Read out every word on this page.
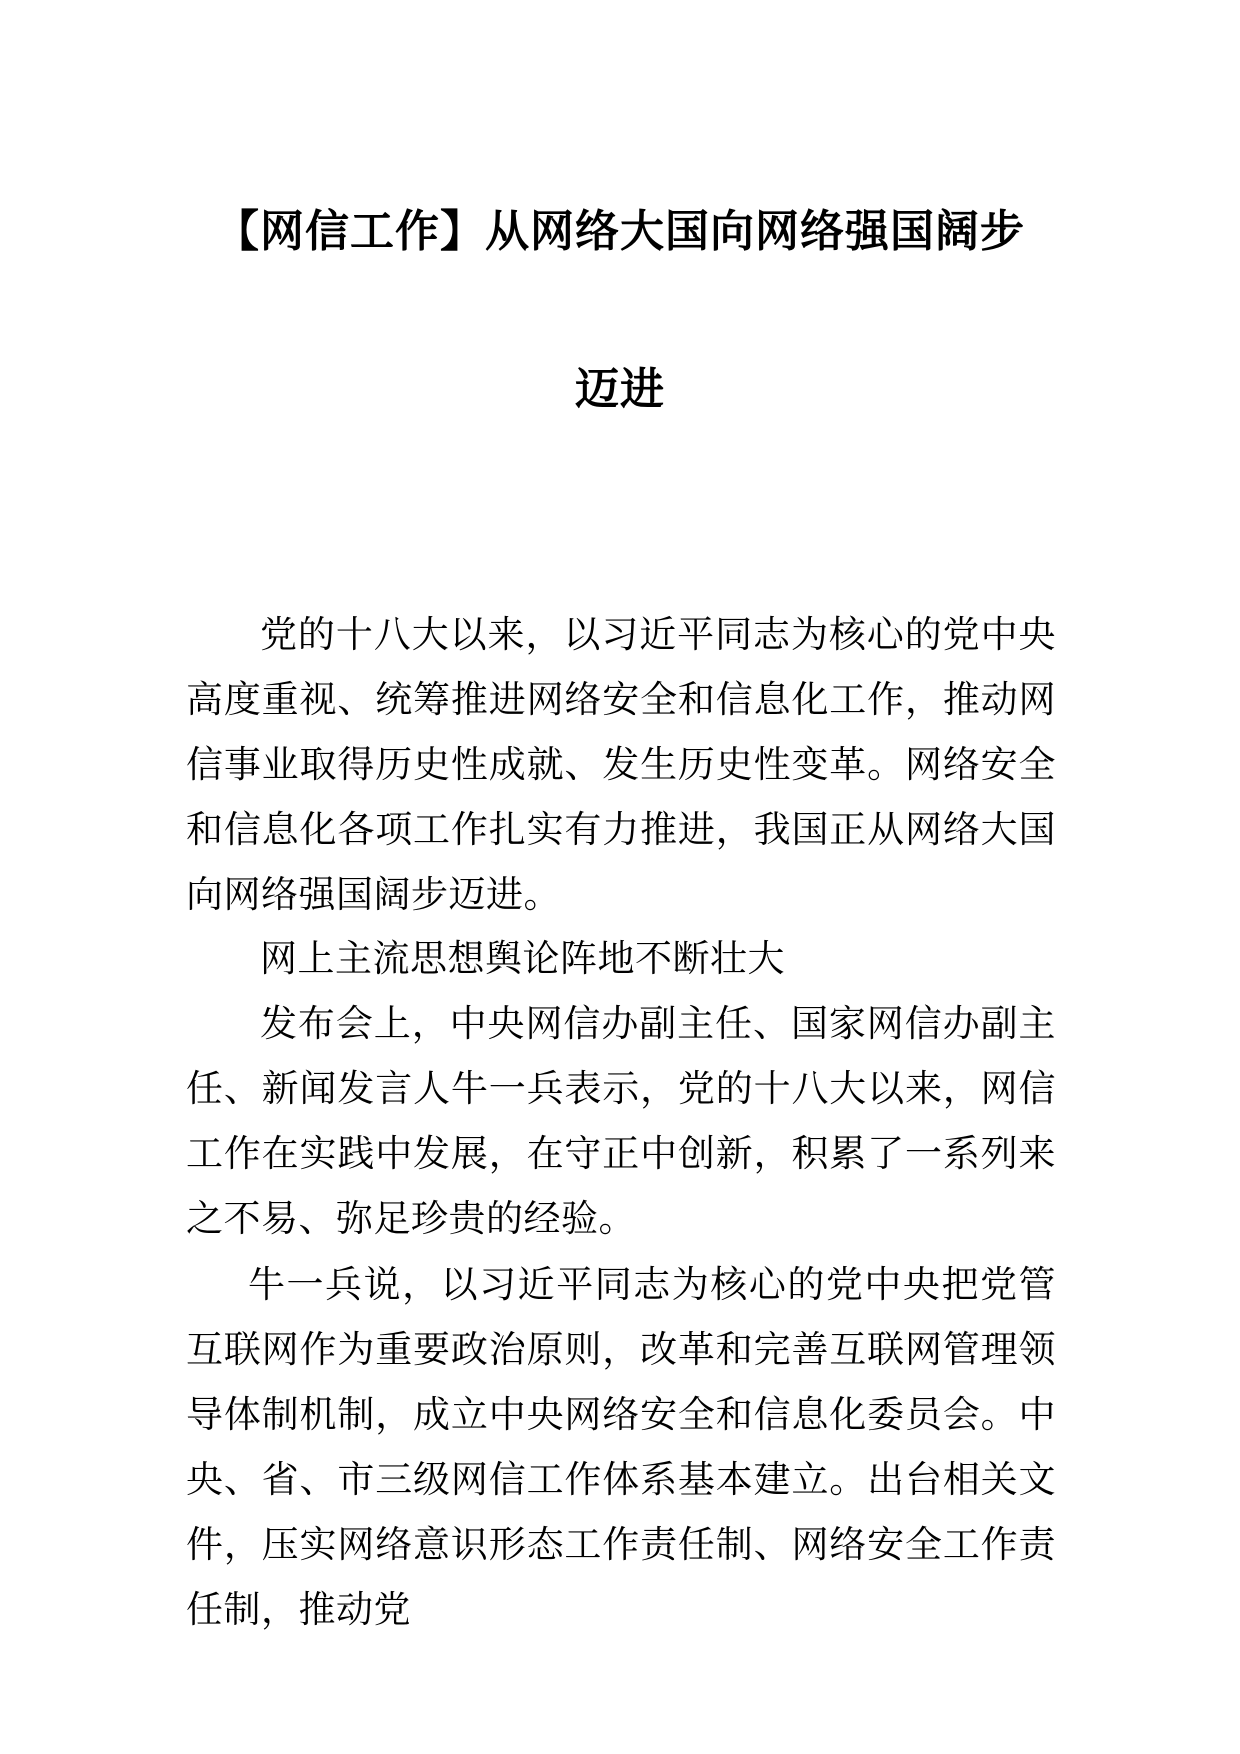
【网信工作】从网络大国向网络强国阔步
迈进

党的十八大以来，以习近平同志为核心的党中央高度重视、统筹推进网络安全和信息化工作，推动网信事业取得历史性成就、发生历史性变革。网络安全和信息化各项工作扎实有力推进，我国正从网络大国向网络强国阔步迈进。

网上主流思想舆论阵地不断壮大

发布会上，中央网信办副主任、国家网信办副主任、新闻发言人牛一兵表示，党的十八大以来，网信工作在实践中发展，在守正中创新，积累了一系列来之不易、弥足珍贵的经验。

牛一兵说，以习近平同志为核心的党中央把党管互联网作为重要政治原则，改革和完善互联网管理领导体制机制，成立中央网络安全和信息化委员会。中央、省、市三级网信工作体系基本建立。出台相关文件，压实网络意识形态工作责任制、网络安全工作责任制，推动党
